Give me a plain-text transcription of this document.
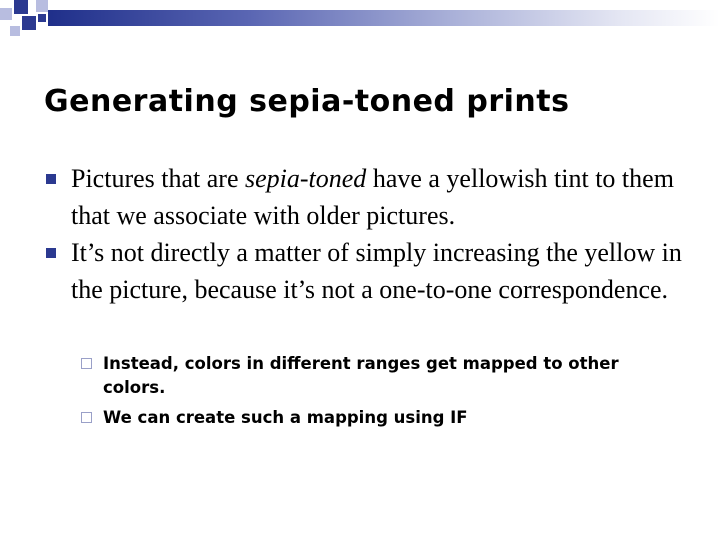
Generating sepia-toned prints
Pictures that are sepia-toned have a yellowish tint to them that we associate with older pictures.
It’s not directly a matter of simply increasing the yellow in the picture, because it’s not a one-to-one correspondence.
Instead, colors in different ranges get mapped to other colors.
We can create such a mapping using IF
